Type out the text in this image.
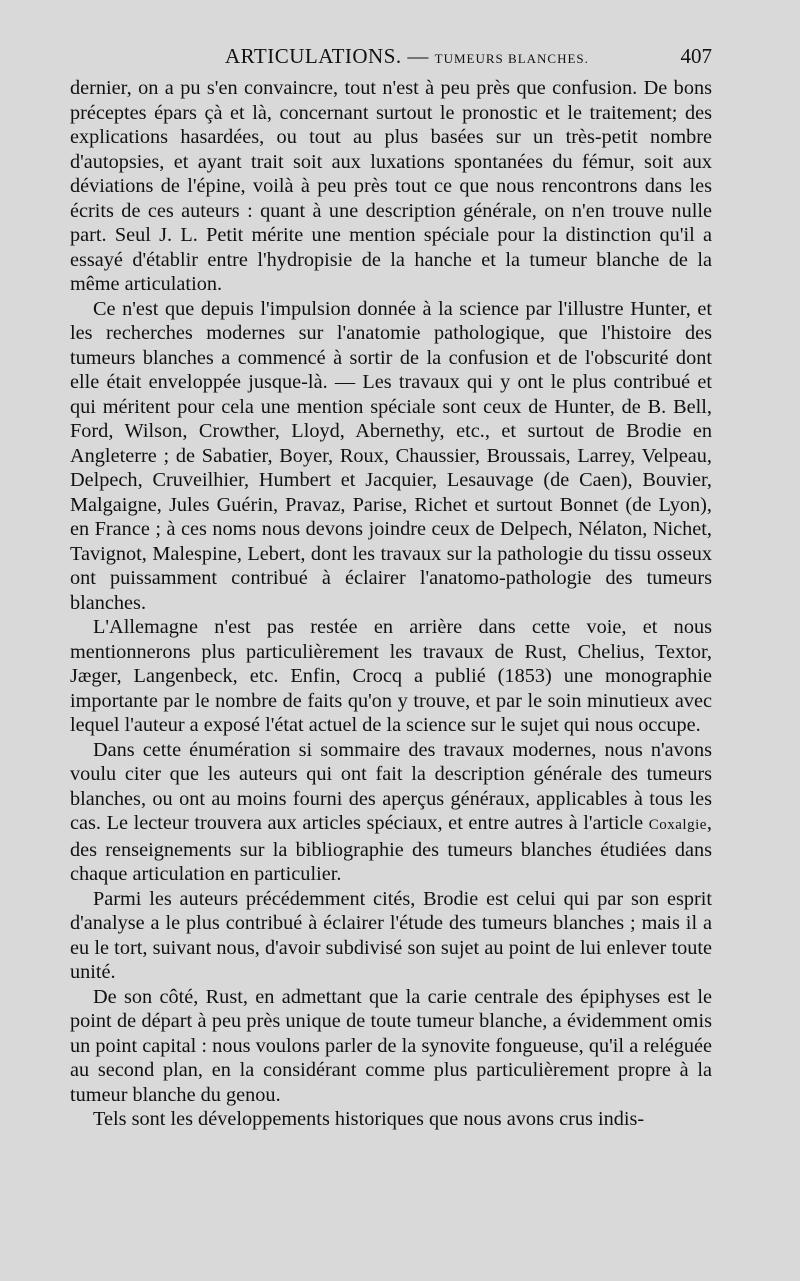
ARTICULATIONS. — TUMEURS BLANCHES.	407

dernier, on a pu s'en convaincre, tout n'est à peu près que confusion. De bons préceptes épars çà et là, concernant surtout le pronostic et le traitement; des explications hasardées, ou tout au plus basées sur un très-petit nombre d'autopsies, et ayant trait soit aux luxations spontanées du fémur, soit aux déviations de l'épine, voilà à peu près tout ce que nous rencontrons dans les écrits de ces auteurs : quant à une description générale, on n'en trouve nulle part. Seul J. L. Petit mérite une mention spéciale pour la distinction qu'il a essayé d'établir entre l'hydropisie de la hanche et la tumeur blanche de la même articulation.

Ce n'est que depuis l'impulsion donnée à la science par l'illustre Hunter, et les recherches modernes sur l'anatomie pathologique, que l'histoire des tumeurs blanches a commencé à sortir de la confusion et de l'obscurité dont elle était enveloppée jusque-là. — Les travaux qui y ont le plus contribué et qui méritent pour cela une mention spéciale sont ceux de Hunter, de B. Bell, Ford, Wilson, Crowther, Lloyd, Abernethy, etc., et surtout de Brodie en Angleterre ; de Sabatier, Boyer, Roux, Chaussier, Broussais, Larrey, Velpeau, Delpech, Cruveilhier, Humbert et Jacquier, Lesauvage (de Caen), Bouvier, Malgaigne, Jules Guérin, Pravaz, Parise, Richet et surtout Bonnet (de Lyon), en France ; à ces noms nous devons joindre ceux de Delpech, Nélaton, Nichet, Tavignot, Malespine, Lebert, dont les travaux sur la pathologie du tissu osseux ont puissamment contribué à éclairer l'anatomo-pathologie des tumeurs blanches.

L'Allemagne n'est pas restée en arrière dans cette voie, et nous mentionnerons plus particulièrement les travaux de Rust, Chelius, Textor, Jæger, Langenbeck, etc. Enfin, Crocq a publié (1853) une monographie importante par le nombre de faits qu'on y trouve, et par le soin minutieux avec lequel l'auteur a exposé l'état actuel de la science sur le sujet qui nous occupe.

Dans cette énumération si sommaire des travaux modernes, nous n'avons voulu citer que les auteurs qui ont fait la description générale des tumeurs blanches, ou ont au moins fourni des aperçus généraux, applicables à tous les cas. Le lecteur trouvera aux articles spéciaux, et entre autres à l'article Coxalgie, des renseignements sur la bibliographie des tumeurs blanches étudiées dans chaque articulation en particulier.

Parmi les auteurs précédemment cités, Brodie est celui qui par son esprit d'analyse a le plus contribué à éclairer l'étude des tumeurs blanches ; mais il a eu le tort, suivant nous, d'avoir subdivisé son sujet au point de lui enlever toute unité.

De son côté, Rust, en admettant que la carie centrale des épiphyses est le point de départ à peu près unique de toute tumeur blanche, a évidemment omis un point capital : nous voulons parler de la synovite fongueuse, qu'il a reléguée au second plan, en la considérant comme plus particulièrement propre à la tumeur blanche du genou.

Tels sont les développements historiques que nous avons crus indis-
